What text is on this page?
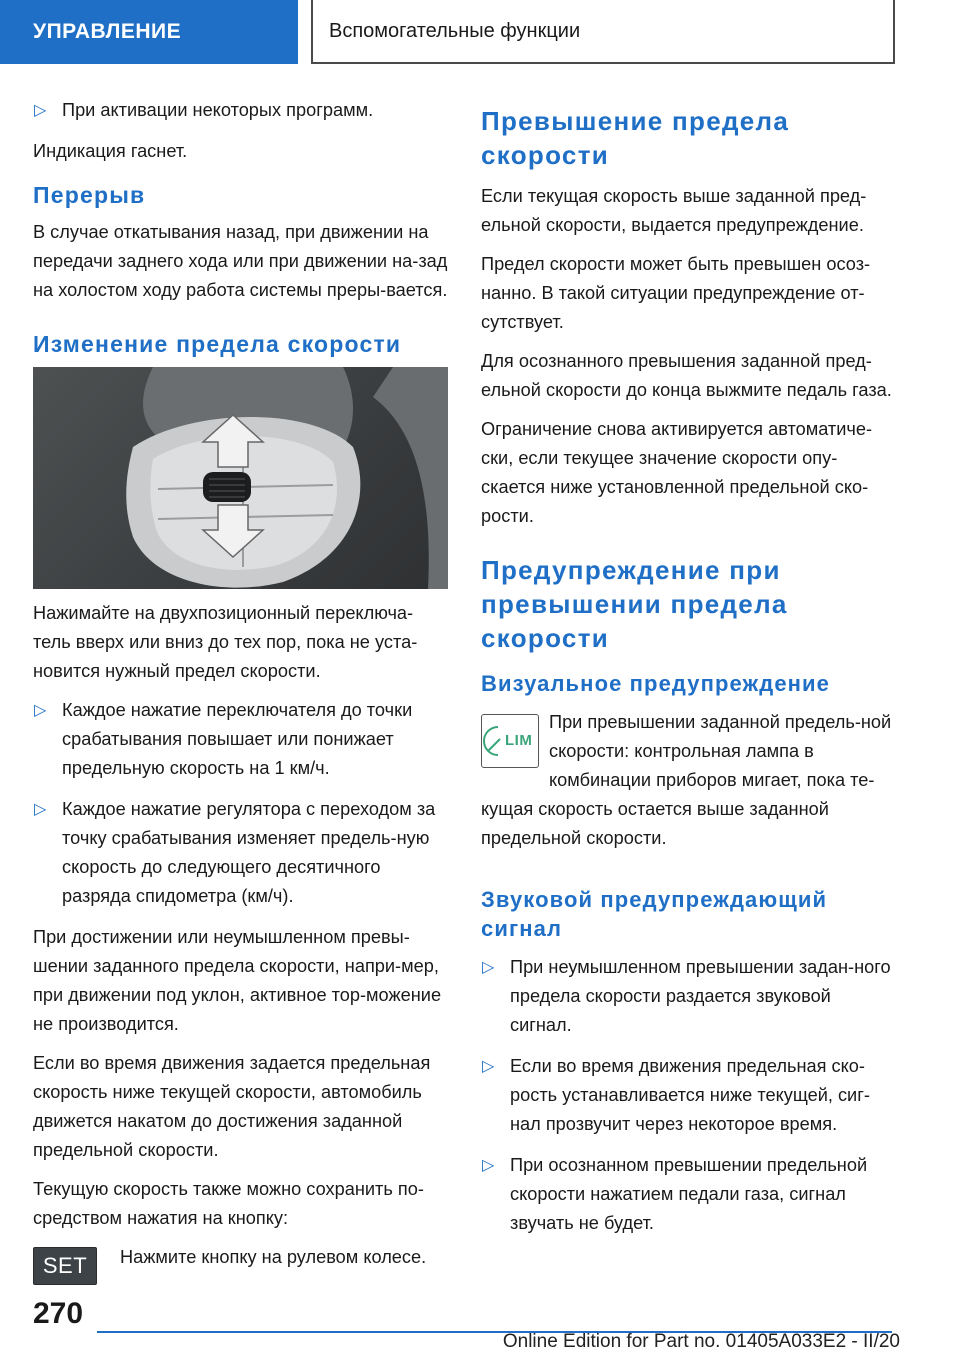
УПРАВЛЕНИЕ	Вспомогательные функции
▷ При активации некоторых программ.

Индикация гаснет.

Перерыв

В случае откатывания назад, при движении на передачи заднего хода или при движении на-зад на холостом ходу работа системы преры-вается.

Изменение предела скорости

Нажимайте на двухпозиционный переключа-тель вверх или вниз до тех пор, пока не уста-новится нужный предел скорости.

▷ Каждое нажатие переключателя до точки срабатывания повышает или понижает предельную скорость на 1 км/ч.
▷ Каждое нажатие регулятора с переходом за точку срабатывания изменяет предель-ную скорость до следующего десятичного разряда спидометра (км/ч).

При достижении или неумышленном превы-шении заданного предела скорости, напри-мер, при движении под уклон, активное тор-можение не производится.

Если во время движения задается предельная скорость ниже текущей скорости, автомобиль движется накатом до достижения заданной предельной скорости.

Текущую скорость также можно сохранить по-средством нажатия на кнопку:

SET	Нажмите кнопку на рулевом колесе.

Превышение предела скорости

Если текущая скорость выше заданной пред-ельной скорости, выдается предупреждение.

Предел скорости может быть превышен осоз-нанно. В такой ситуации предупреждение от-сутствует.

Для осознанного превышения заданной пред-ельной скорости до конца выжмите педаль газа.

Ограничение снова активируется автоматиче-ски, если текущее значение скорости опу-скается ниже установленной предельной ско-рости.

Предупреждение при
превышении предела скорости
Визуальное предупреждение
LIM

При превышении заданной предель-ной скорости: контрольная лампа в комбинации приборов мигает, пока те-кущая скорость остается выше заданной предельной скорости.

Звуковой предупреждающий
сигнал
▷ При неумышленном превышении задан-ного предела скорости раздается звуковой сигнал.
▷ Если во время движения предельная ско-рость устанавливается ниже текущей, сиг-нал прозвучит через некоторое время.
▷ При осознанном превышении предельной скорости нажатием педали газа, сигнал звучать не будет.
270
Online Edition for Part no. 01405A033E2 - II/20
